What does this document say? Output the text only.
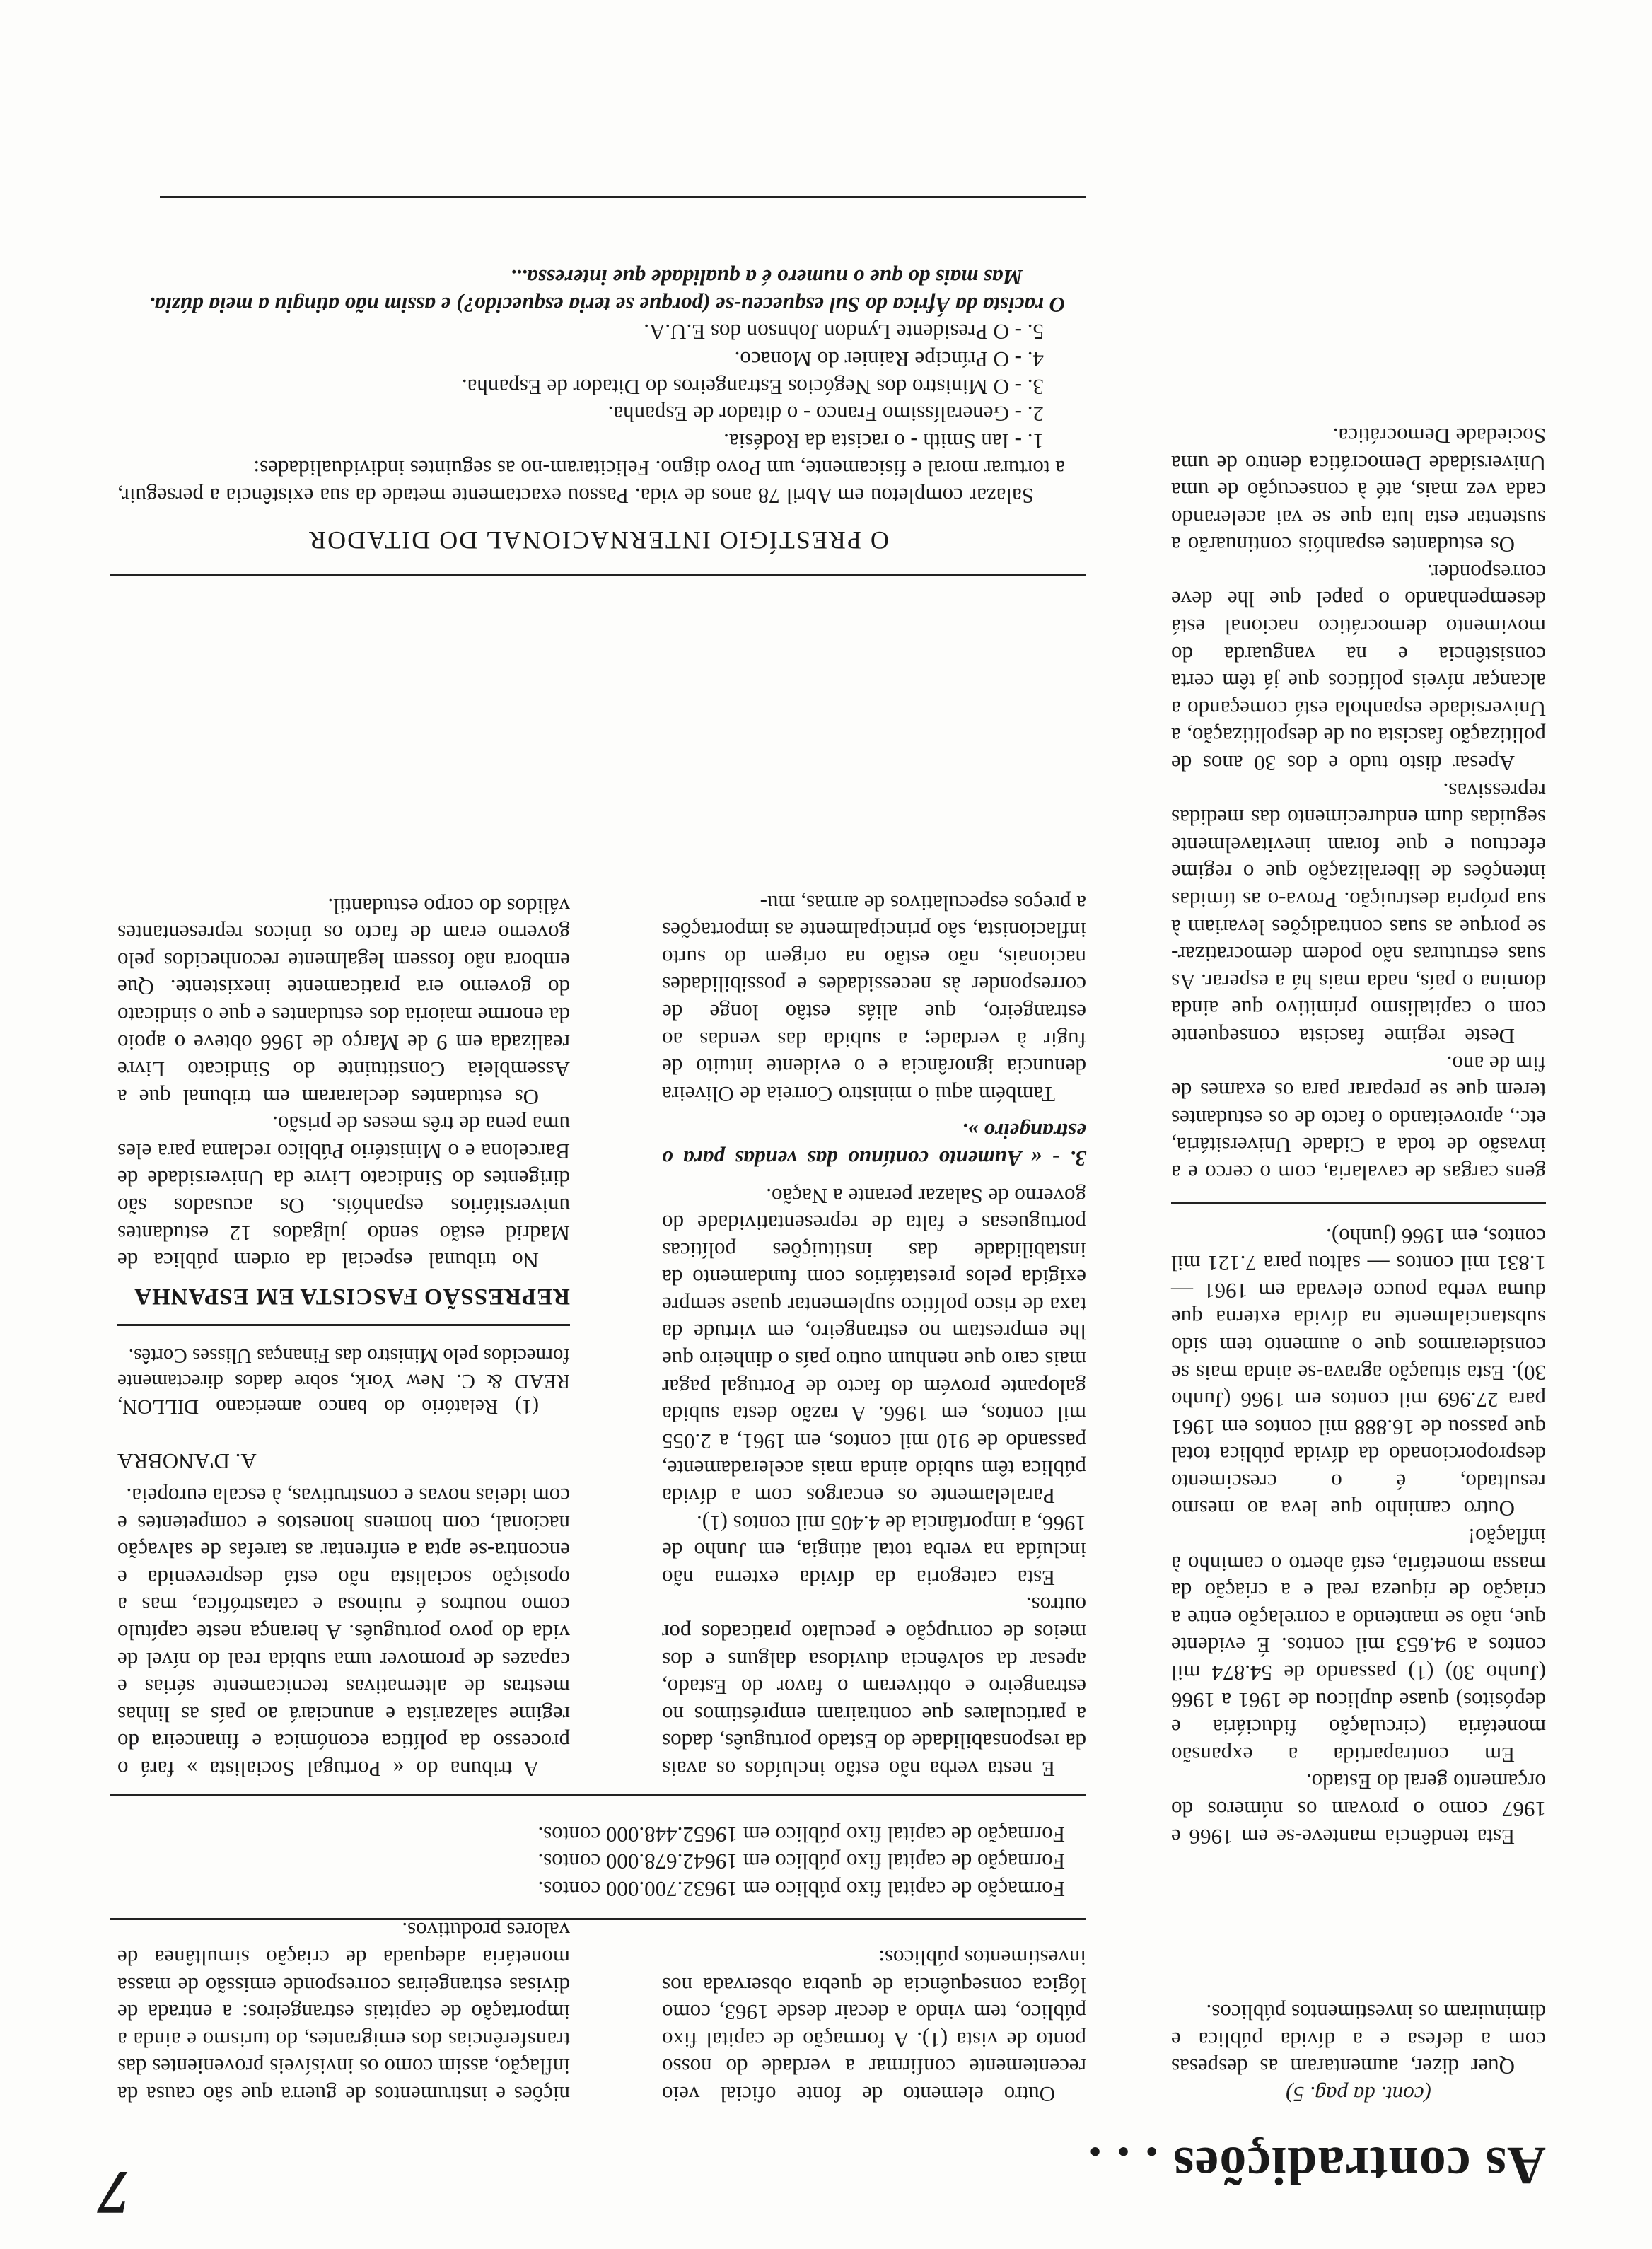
As contradições . . .

(cont. da pag. 5)

Quer dizer, aumentaram as despesas com a defesa e a dívida pública e diminuiram os investimentos públicos.

Esta tendência manteve-se em 1966 e 1967 como o provam os números do orçamento geral do Estado.

Em contrapartida a expansão monetária (circulação fiduciária e depósitos) quase duplicou de 1961 a 1966 (Junho 30) (1) passando de 54.874 mil contos a 94.653 mil contos. É evidente que, não se mantendo a correlação entre a criação de riqueza real e a criação da massa monetária, está aberto o caminho à inflação!

Outro caminho que leva ao mesmo resultado, é o crescimento desproporcionado da dívida pública total que passou de 16.888 mil contos em 1961 para 27.969 mil contos em 1966 (Junho 30). Esta situação agrava-se ainda mais se considerarmos que o aumento tem sido substancialmente na dívida externa que duma verba pouco elevada em 1961 —1.831 mil contos — saltou para 7.121 mil contos, em 1966 (junho).

gens cargas de cavalaria, com o cerco e a invasão de toda a Cidade Universitária, etc., aproveitando o facto de os estudantes terem que se preparar para os exames de fim de ano.

Deste regime fascista consequente com o capitalismo primitivo que ainda domina o país, nada mais há a esperar. As suas estruturas não podem democratizar-se porque as suas contradições levariam à sua própria destruição. Prova-o as tímidas intenções de liberalização que o regime efectuou e que foram inevitavelmente seguidas dum endurecimento das medidas repressivas.

Apesar disto tudo e dos 30 anos de politização fascista ou de despolitização, a Universidade espanhola está começando a alcançar níveis políticos que já têm certa consistência e na vanguarda do movimento democrático nacional está desempenhando o papel que lhe deve corresponder.

Os estudantes espanhóis continuarão a sustentar esta luta que se vai acelerando cada vez mais, até à consecução de uma Universidade Democrática dentro de uma Sociedade Democrática.

Outro elemento de fonte oficial veio recentemente confirmar a verdade do nosso ponto de vista (1). A formação de capital fixo público, tem vindo a decair desde 1963, como lógica consequência de quebra observada nos investimentos públicos:

Formação de capital fixo público em 1963
2.700.000 contos.
Formação de capital fixo público em 1964
2.678.000 contos.
Formação de capital fixo público em 1965
2.448.000 contos.

E nesta verba não estão incluídos os avais da responsabilidade do Estado português, dados a particulares que contrairam empréstimos no estrangeiro e obtiveram o favor do Estado, apesar da solvência duvidosa dalguns e dos meios de corrupção e peculato praticados por outros.

Esta categoria da dívida externa não incluída na verba total atingia, em Junho de 1966, a importância de 4.405 mil contos (1).

Paralelamente os encargos com a dívida pública têm subido ainda mais aceleradamente, passando de 910 mil contos, em 1961, a 2.055 mil contos, em 1966. A razão desta subida galopante provém do facto de Portugal pagar mais caro que nenhum outro país o dinheiro que lhe emprestam no estrangeiro, em virtude da taxa de risco político suplementar quase sempre exigida pelos prestatários com fundamento da instabilidade das instituições políticas portuguesas e falta de representatividade do governo de Salazar perante a Nação.

3. - « Aumento contínuo das vendas para o estrangeiro ».

Também aqui o ministro Correia de Oliveira denuncia ignorância e o evidente intuito de fugir à verdade; a subida das vendas ao estrangeiro, que aliás estão longe de corresponder às necessidades e possibilidades nacionais, não estão na origem do surto inflacionista, são principalmente as importações a preços especulativos de armas, mu-

nições e instrumentos de guerra que são causa da inflação, assim como os invisíveis provenientes das transferências dos emigrantes, do turismo e ainda a importação de capitais estrangeiros: a entrada de divisas estrangeiras corresponde emissão de massa monetária adequada de criação simultânea de valores produtivos.

A tribuna do « Portugal Socialista » fará o processo da política económica e financeira do regime salazarista e anunciará ao país as linhas mestras de alternativas tecnicamente sérias e capazes de promover uma subida real do nível de vida do povo português. A herança neste capítulo como noutros é ruinosa e catastrófica, mas a oposição socialista não está desprevenida e encontra-se apta a enfrentar as tarefas de salvação nacional, com homens honestos e competentes e com ideias novas e construtivas, à escala europeia.

A. D'ANOBRA

(1) Relatório do banco americano DILLON, READ & C. New York, sobre dados directamente fornecidos pelo Ministro das Finanças Ulisses Cortês.

REPRESSÃO FASCISTA EM ESPANHA

No tribunal especial da ordem pública de Madrid estão sendo julgados 12 estudantes universitários espanhóis. Os acusados são dirigentes do Sindicato Livre da Universidade de Barcelona e o Ministério Público reclama para eles uma pena de três meses de prisão.

Os estudantes declararam em tribunal que a Assembleia Constituinte do Sindicato Livre realizada em 9 de Março de 1966 obteve o apoio da enorme maioria dos estudantes e que o sindicato do governo era praticamente inexistente. Que embora não fossem legalmente reconhecidos pelo governo eram de facto os únicos representantes válidos do corpo estudantil.

O PRESTÍGIO INTERNACIONAL DO DITADOR

Salazar completou em Abril 78 anos de vida. Passou exactamente metade da sua existência a perseguir, a torturar moral e fisicamente, um Povo digno. Felicitaram-no as seguintes individualidades:

1. - Ian Smith - o racista da Rodésia.

2. - Generalíssimo Franco - o ditador de Espanha.

3. - O Ministro dos Negócios Estrangeiros do Ditador de Espanha.

4. - O Príncipe Rainier do Monaco.

5. - O Presidente Lyndon Johnson dos E.U.A.

O racista da África do Sul esqueceu-se (porque se teria esquecido?) e assim não atingiu a meia dúzia.

Mas mais do que o numero é a qualidade que interessa...

7
